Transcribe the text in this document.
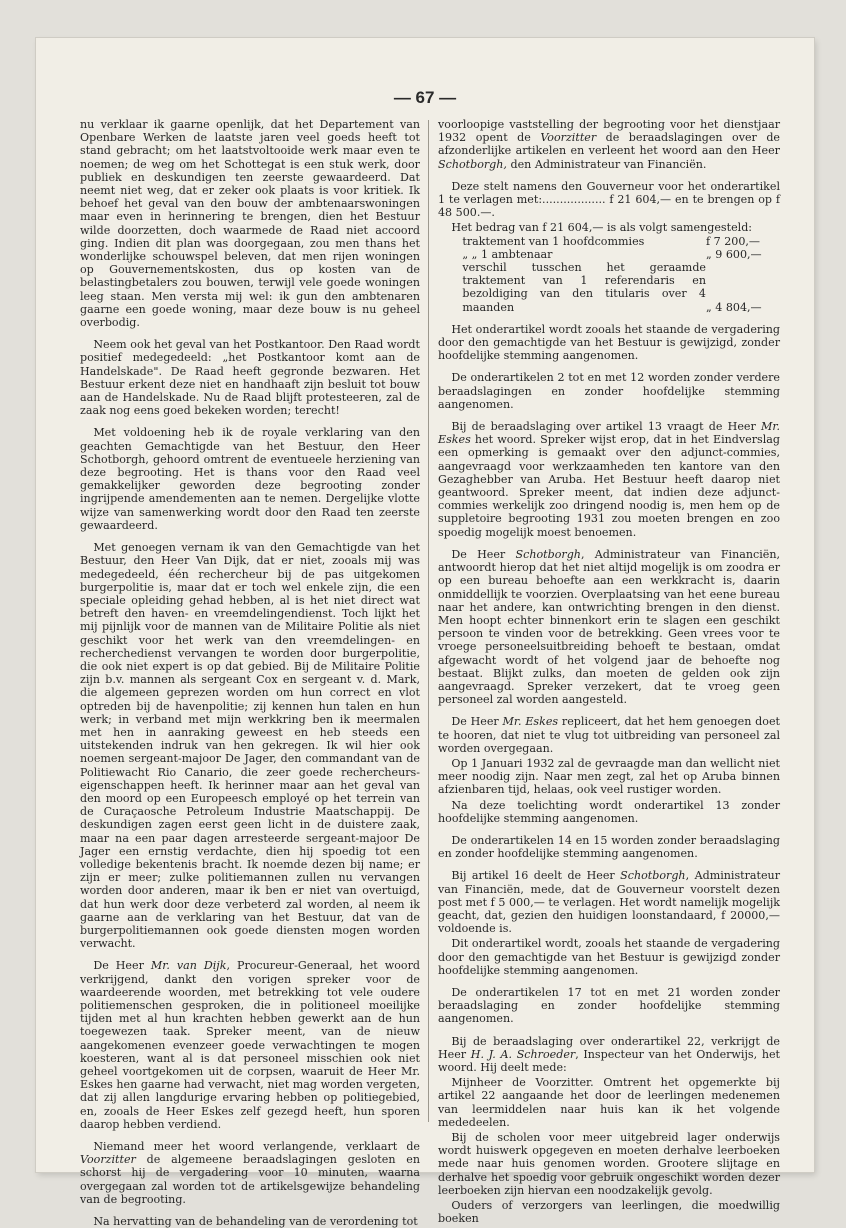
— 67 —

nu verklaar ik gaarne openlijk, dat het Departement van Openbare Werken de laatste jaren veel goeds heeft tot stand gebracht; om het laatstvoltooide werk maar even te noemen; de weg om het Schottegat is een stuk werk, door publiek en deskundigen ten zeerste gewaardeerd. Dat neemt niet weg, dat er zeker ook plaats is voor kritiek. Ik behoef het geval van den bouw der ambtenaarswoningen maar even in herinnering te brengen, dien het Bestuur wilde doorzetten, doch waarmede de Raad niet accoord ging. Indien dit plan was doorgegaan, zou men thans het wonderlijke schouwspel beleven, dat men rijen woningen op Gouvernementskosten, dus op kosten van de belastingbetalers zou bouwen, terwijl vele goede woningen leeg staan. Men versta mij wel: ik gun den ambtenaren gaarne een goede woning, maar deze bouw is nu geheel overbodig.

Neem ook het geval van het Postkantoor. Den Raad wordt positief medegedeeld: „het Postkantoor komt aan de Handelskade". De Raad heeft gegronde bezwaren. Het Bestuur erkent deze niet en handhaaft zijn besluit tot bouw aan de Handelskade. Nu de Raad blijft protesteeren, zal de zaak nog eens goed bekeken worden; terecht!

Met voldoening heb ik de royale verklaring van den geachten Gemachtigde van het Bestuur, den Heer Schotborgh, gehoord omtrent de eventueele herziening van deze begrooting. Het is thans voor den Raad veel gemakkelijker geworden deze begrooting zonder ingrijpende amendementen aan te nemen. Dergelijke vlotte wijze van samenwerking wordt door den Raad ten zeerste gewaardeerd.

Met genoegen vernam ik van den Gemachtigde van het Bestuur, den Heer Van Dijk, dat er niet, zooals mij was medegedeeld, één rechercheur bij de pas uitgekomen burgerpolitie is, maar dat er toch wel enkele zijn, die een speciale opleiding gehad hebben, al is het niet direct wat betreft den haven- en vreemdelingendienst. Toch lijkt het mij pijnlijk voor de mannen van de Militaire Politie als niet geschikt voor het werk van den vreemdelingen- en recherchedienst vervangen te worden door burgerpolitie, die ook niet expert is op dat gebied. Bij de Militaire Politie zijn b.v. mannen als sergeant Cox en sergeant v. d. Mark, die algemeen geprezen worden om hun correct en vlot optreden bij de havenpolitie; zij kennen hun talen en hun werk; in verband met mijn werkkring ben ik meermalen met hen in aanraking geweest en heb steeds een uitstekenden indruk van hen gekregen. Ik wil hier ook noemen sergeant-majoor De Jager, den commandant van de Politiewacht Rio Canario, die zeer goede rechercheurs-eigenschappen heeft. Ik herinner maar aan het geval van den moord op een Europeesch employé op het terrein van de Curaçaosche Petroleum Industrie Maatschappij. De deskundigen zagen eerst geen licht in de duistere zaak, maar na een paar dagen arresteerde sergeant-majoor De Jager een ernstig verdachte, dien hij spoedig tot een volledige bekentenis bracht. Ik noemde dezen bij name; er zijn er meer; zulke politiemannen zullen nu vervangen worden door anderen, maar ik ben er niet van overtuigd, dat hun werk door deze verbeterd zal worden, al neem ik gaarne aan de verklaring van het Bestuur, dat van de burgerpolitiemannen ook goede diensten mogen worden verwacht.

De Heer Mr. van Dijk, Procureur-Generaal, het woord verkrijgend, dankt den vorigen spreker voor de waardeerende woorden, met betrekking tot vele oudere politiemenschen gesproken, die in politioneel moeilijke tijden met al hun krachten hebben gewerkt aan de hun toegewezen taak. Spreker meent, van de nieuw aangekomenen evenzeer goede verwachtingen te mogen koesteren, want al is dat personeel misschien ook niet geheel voortgekomen uit de corpsen, waaruit de Heer Mr. Eskes hen gaarne had verwacht, niet mag worden vergeten, dat zij allen langdurige ervaring hebben op politiegebied, en, zooals de Heer Eskes zelf gezegd heeft, hun sporen daarop hebben verdiend.

Niemand meer het woord verlangende, verklaart de Voorzitter de algemeene beraadslagingen gesloten en schorst hij de vergadering voor 10 minuten, waarna overgegaan zal worden tot de artikelsgewijze behandeling van de begrooting.

Na hervatting van de behandeling van de verordening tot

voorloopige vaststelling der begrooting voor het dienstjaar 1932 opent de Voorzitter de beraadslagingen over de afzonderlijke artikelen en verleent het woord aan den Heer Schotborgh, den Administrateur van Financiën.

Deze stelt namens den Gouverneur voor het onderartikel 1 te verlagen met:.................. f 21 604,— en te brengen op f 48 500.—.

Het bedrag van f 21 604,— is als volgt samengesteld:
traktement van 1 hoofdcommies	f 7 200,—
„ „ 1 ambtenaar	„ 9 600,—
verschil tusschen het geraamde traktement van 1 referendaris en bezoldiging van den titularis over 4 maanden	„ 4 804,—

Het onderartikel wordt zooals het staande de vergadering door den gemachtigde van het Bestuur is gewijzigd, zonder hoofdelijke stemming aangenomen.

De onderartikelen 2 tot en met 12 worden zonder verdere beraadslagingen en zonder hoofdelijke stemming aangenomen.

Bij de beraadslaging over artikel 13 vraagt de Heer Mr. Eskes het woord. Spreker wijst erop, dat in het Eindverslag een opmerking is gemaakt over den adjunct-commies, aangevraagd voor werkzaamheden ten kantore van den Gezaghebber van Aruba. Het Bestuur heeft daarop niet geantwoord. Spreker meent, dat indien deze adjunct-commies werkelijk zoo dringend noodig is, men hem op de suppletoire begrooting 1931 zou moeten brengen en zoo spoedig mogelijk moest benoemen.

De Heer Schotborgh, Administrateur van Financiën, antwoordt hierop dat het niet altijd mogelijk is om zoodra er op een bureau behoefte aan een werkkracht is, daarin onmiddellijk te voorzien. Overplaatsing van het eene bureau naar het andere, kan ontwrichting brengen in den dienst. Men hoopt echter binnenkort erin te slagen een geschikt persoon te vinden voor de betrekking. Geen vrees voor te vroege personeelsuitbreiding behoeft te bestaan, omdat afgewacht wordt of het volgend jaar de behoefte nog bestaat. Blijkt zulks, dan moeten de gelden ook zijn aangevraagd. Spreker verzekert, dat te vroeg geen personeel zal worden aangesteld.

De Heer Mr. Eskes repliceert, dat het hem genoegen doet te hooren, dat niet te vlug tot uitbreiding van personeel zal worden overgegaan.

Op 1 Januari 1932 zal de gevraagde man dan wellicht niet meer noodig zijn. Naar men zegt, zal het op Aruba binnen afzienbaren tijd, helaas, ook veel rustiger worden.

Na deze toelichting wordt onderartikel 13 zonder hoofdelijke stemming aangenomen.

De onderartikelen 14 en 15 worden zonder beraadslaging en zonder hoofdelijke stemming aangenomen.

Bij artikel 16 deelt de Heer Schotborgh, Administrateur van Financiën, mede, dat de Gouverneur voorstelt dezen post met f 5 000,— te verlagen. Het wordt namelijk mogelijk geacht, dat, gezien den huidigen loonstandaard, f 20000,— voldoende is.

Dit onderartikel wordt, zooals het staande de vergadering door den gemachtigde van het Bestuur is gewijzigd zonder hoofdelijke stemming aangenomen.

De onderartikelen 17 tot en met 21 worden zonder beraadslaging en zonder hoofdelijke stemming aangenomen.

Bij de beraadslaging over onderartikel 22, verkrijgt de Heer H. J. A. Schroeder, Inspecteur van het Onderwijs, het woord. Hij deelt mede:

Mijnheer de Voorzitter. Omtrent het opgemerkte bij artikel 22 aangaande het door de leerlingen medenemen van leermiddelen naar huis kan ik het volgende mededeelen.

Bij de scholen voor meer uitgebreid lager onderwijs wordt huiswerk opgegeven en moeten derhalve leerboeken mede naar huis genomen worden. Grootere slijtage en derhalve het spoedig voor gebruik ongeschikt worden dezer leerboeken zijn hiervan een noodzakelijk gevolg.

Ouders of verzorgers van leerlingen, die moedwillig boeken
